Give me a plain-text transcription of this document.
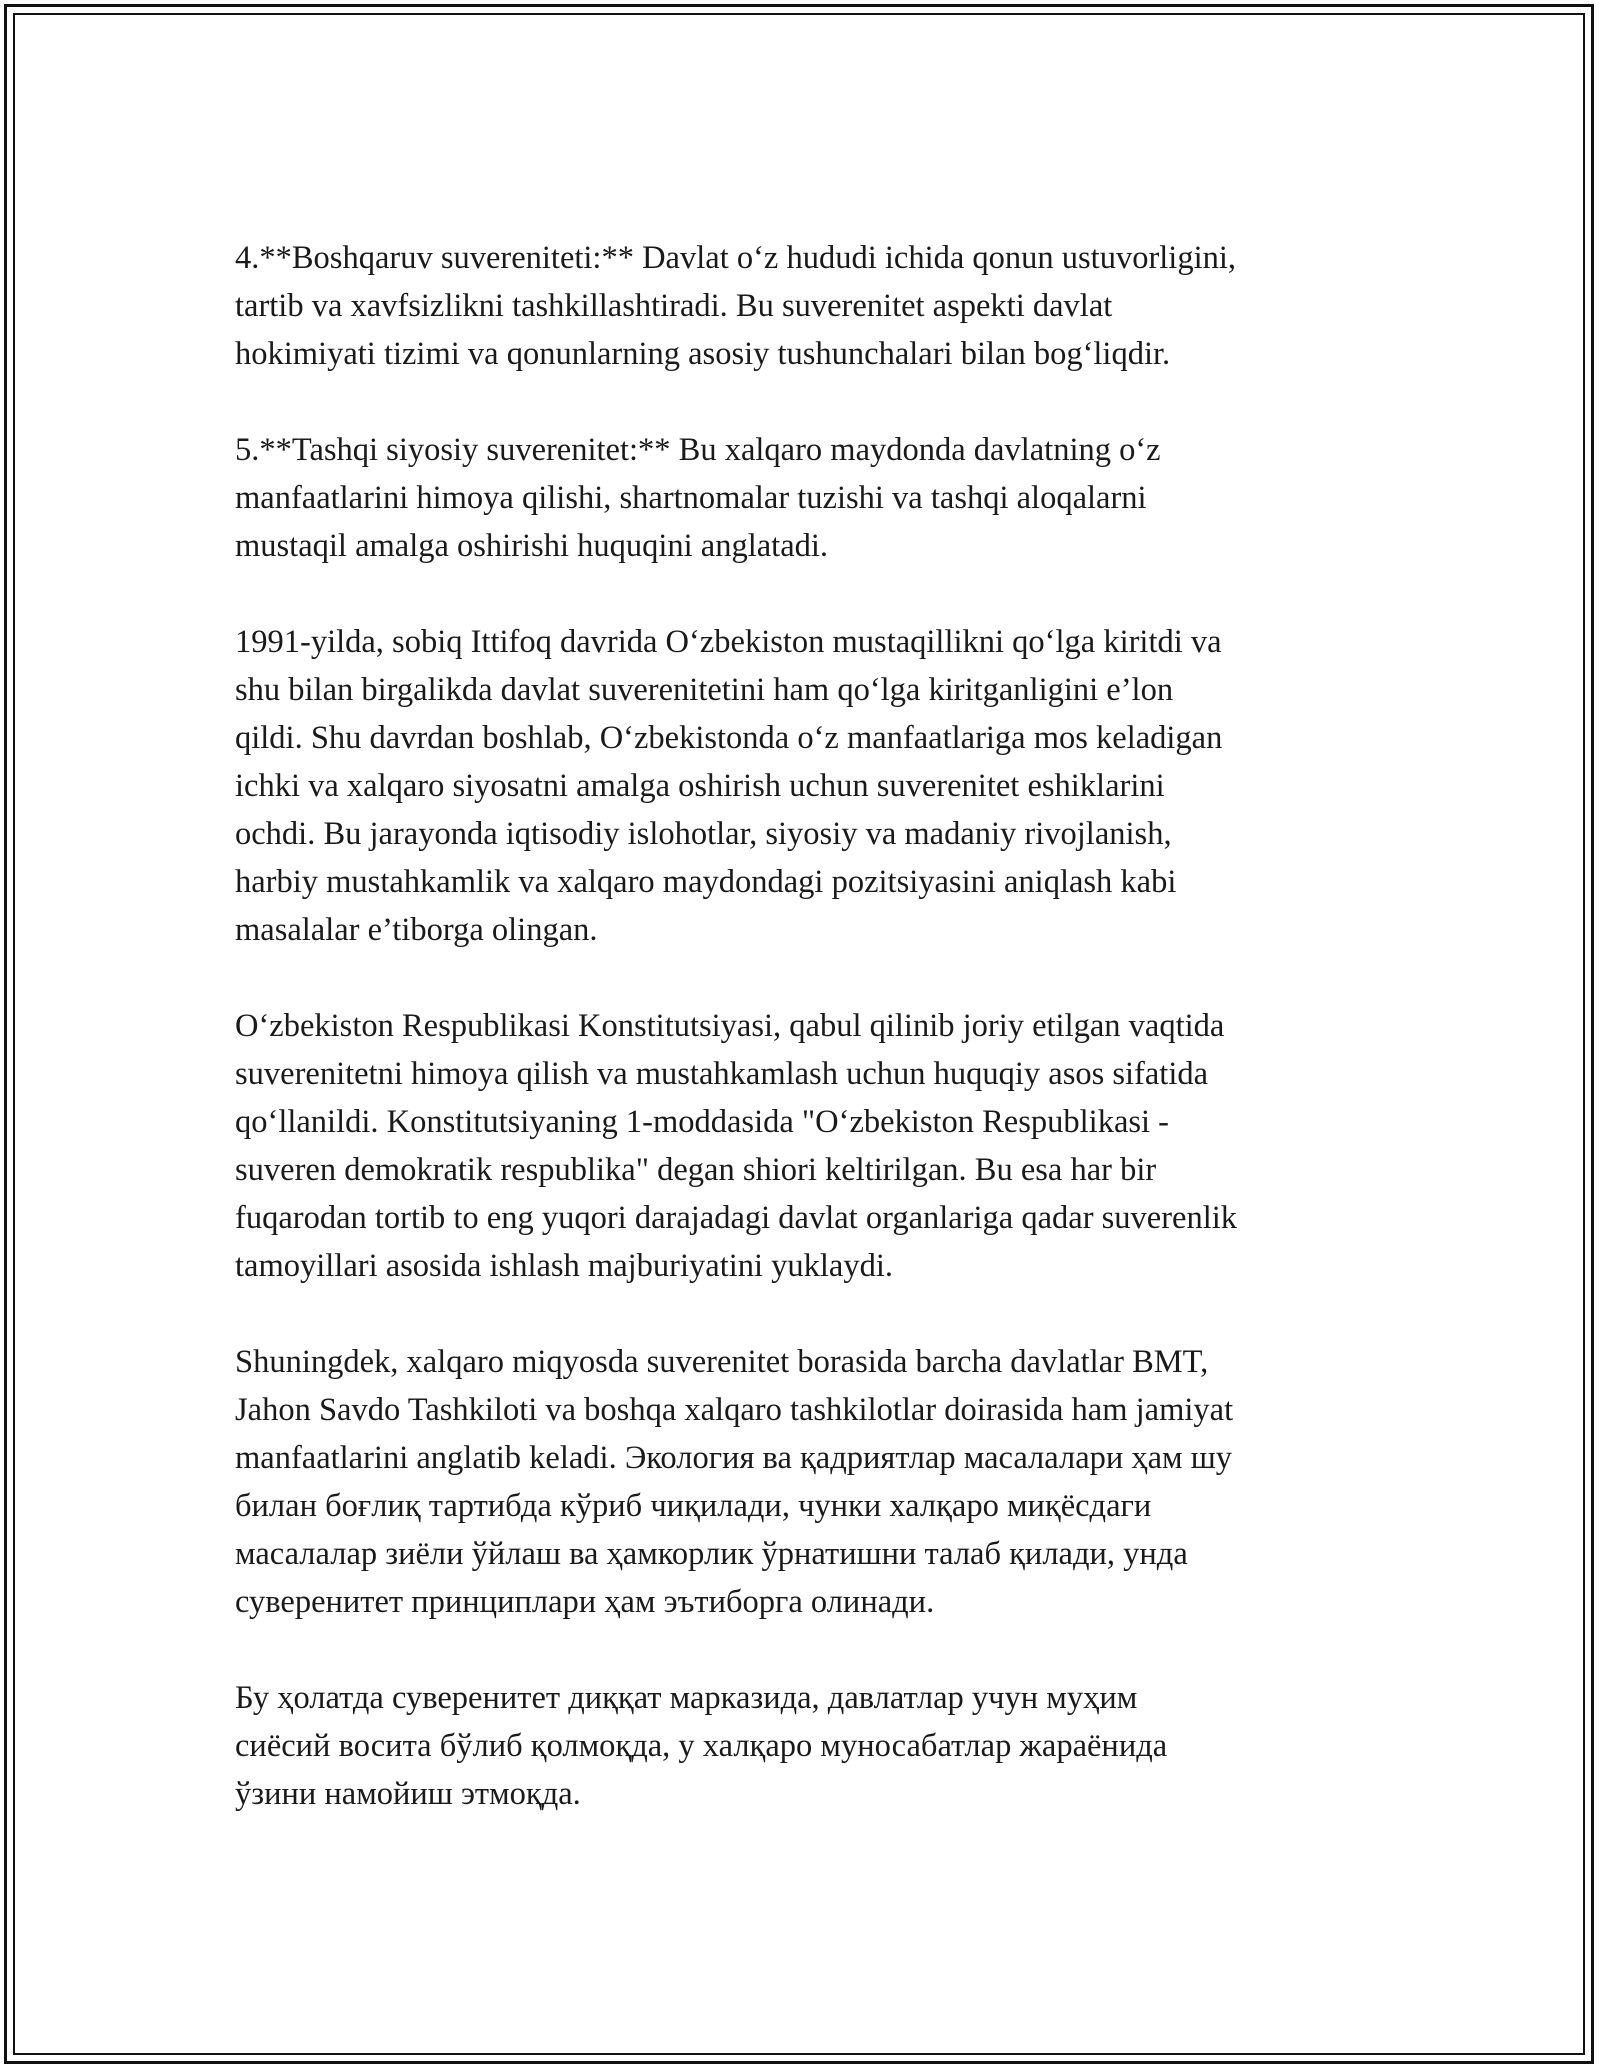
4.**Boshqaruv suvereniteti:** Davlat o‘z hududi ichida qonun ustuvorligini,
tartib va xavfsizlikni tashkillashtiradi. Bu suverenitet aspekti davlat
hokimiyati tizimi va qonunlarning asosiy tushunchalari bilan bog‘liqdir.

5.**Tashqi siyosiy suverenitet:** Bu xalqaro maydonda davlatning o‘z
manfaatlarini himoya qilishi, shartnomalar tuzishi va tashqi aloqalarni
mustaqil amalga oshirishi huquqini anglatadi.

1991-yilda, sobiq Ittifoq davrida O‘zbekiston mustaqillikni qo‘lga kiritdi va
shu bilan birgalikda davlat suverenitetini ham qo‘lga kiritganligini e’lon
qildi. Shu davrdan boshlab, O‘zbekistonda o‘z manfaatlariga mos keladigan
ichki va xalqaro siyosatni amalga oshirish uchun suverenitet eshiklarini
ochdi. Bu jarayonda iqtisodiy islohotlar, siyosiy va madaniy rivojlanish,
harbiy mustahkamlik va xalqaro maydondagi pozitsiyasini aniqlash kabi
masalalar e’tiborga olingan.

O‘zbekiston Respublikasi Konstitutsiyasi, qabul qilinib joriy etilgan vaqtida
suverenitetni himoya qilish va mustahkamlash uchun huquqiy asos sifatida
qo‘llanildi. Konstitutsiyaning 1-moddasida "O‘zbekiston Respublikasi -
suveren demokratik respublika" degan shiori keltirilgan. Bu esa har bir
fuqarodan tortib to eng yuqori darajadagi davlat organlariga qadar suverenlik
tamoyillari asosida ishlash majburiyatini yuklaydi.

Shuningdek, xalqaro miqyosda suverenitet borasida barcha davlatlar BMT,
Jahon Savdo Tashkiloti va boshqa xalqaro tashkilotlar doirasida ham jamiyat
manfaatlarini anglatib keladi. Экология ва қадриятлар масалалари ҳам шу
билан боғлиқ тартибда кўриб чиқилади, чунки халқаро миқёсдаги
масалалар зиёли ўйлаш ва ҳамкорлик ўрнатишни талаб қилади, унда
суверенитет принциплари ҳам эътиборга олинади.

Бу ҳолатда суверенитет диққат марказида, давлатлар учун муҳим
сиёсий восита бўлиб қолмоқда, у халқаро муносабатлар жараёнида
ўзини намойиш этмоқда.
